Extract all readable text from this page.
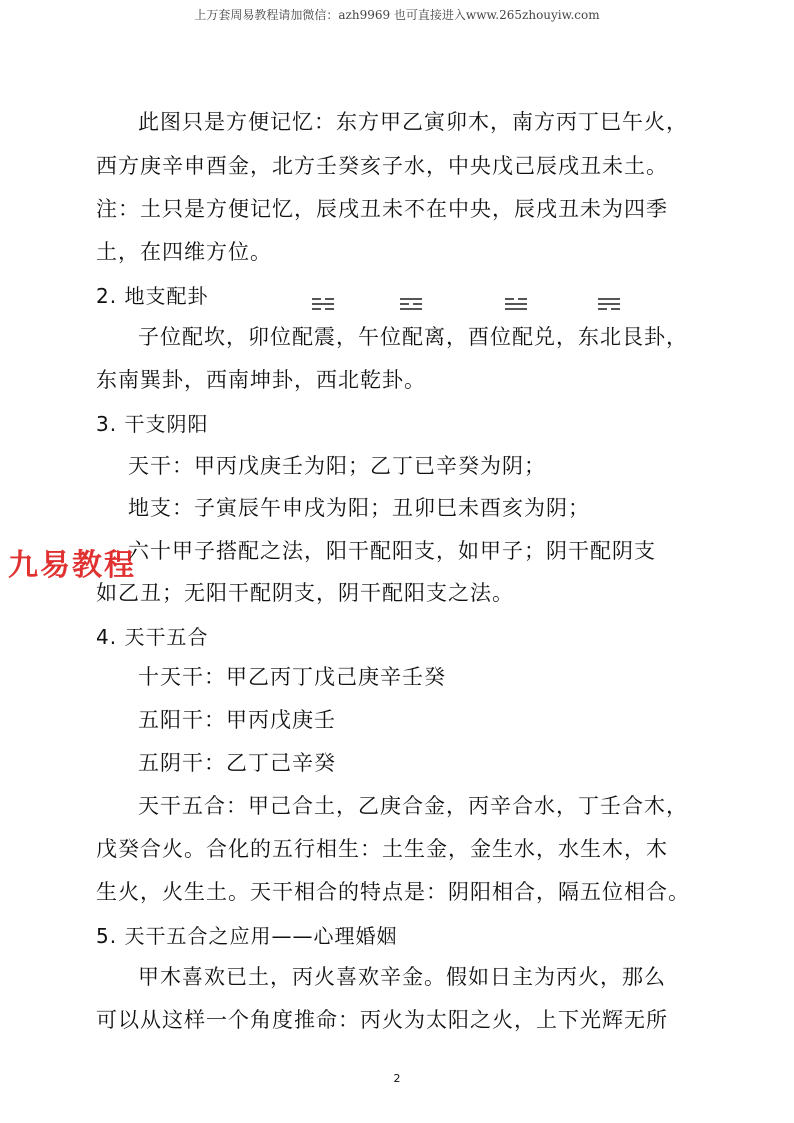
上万套周易教程请加微信：azh9969 也可直接进入www.265zhouyiw.com
九易教程
此图只是方便记忆：东方甲乙寅卯木，南方丙丁巳午火，
西方庚辛申酉金，北方壬癸亥子水，中央戊己辰戌丑未土。
注：土只是方便记忆，辰戌丑未不在中央，辰戌丑未为四季
土，在四维方位。
2. 地支配卦
子位配坎，卯位配震，午位配离，酉位配兑，东北艮卦，
东南巽卦，西南坤卦，西北乾卦。
3. 干支阴阳
天干：甲丙戊庚壬为阳；乙丁已辛癸为阴；
地支：子寅辰午申戌为阳；丑卯巳未酉亥为阴；
六十甲子搭配之法，阳干配阳支，如甲子；阴干配阴支
如乙丑；无阳干配阴支，阴干配阳支之法。
4. 天干五合
十天干：甲乙丙丁戊己庚辛壬癸
五阳干：甲丙戊庚壬
五阴干：乙丁己辛癸
天干五合：甲己合土，乙庚合金，丙辛合水，丁壬合木，
戊癸合火。合化的五行相生：土生金，金生水，水生木，木
生火，火生土。天干相合的特点是：阴阳相合，隔五位相合。
5. 天干五合之应用——心理婚姻
甲木喜欢已土，丙火喜欢辛金。假如日主为丙火，那么
可以从这样一个角度推命：丙火为太阳之火，上下光辉无所
2
